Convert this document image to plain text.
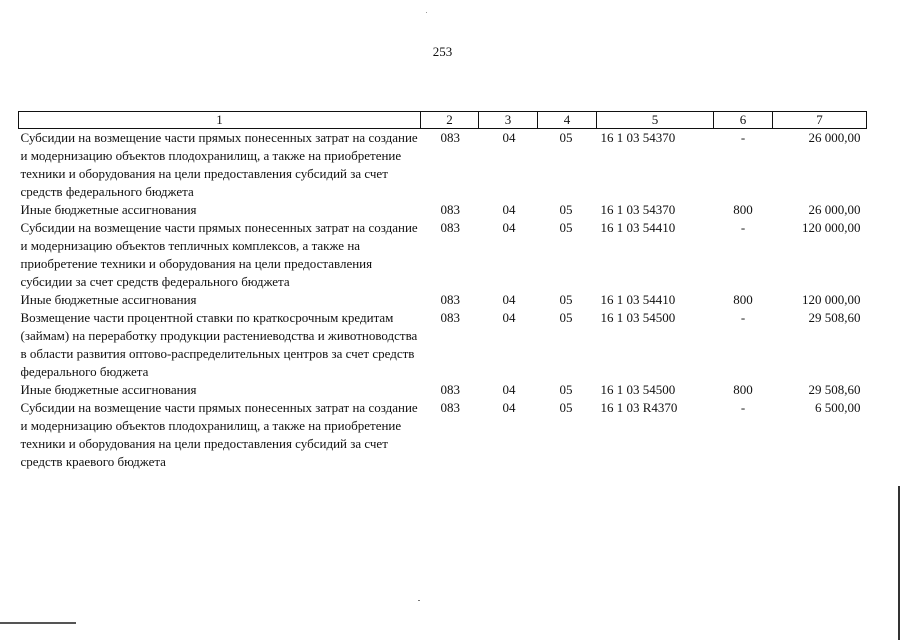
253
1	2	3	4	5	6	7
Субсидии на возмещение части прямых понесенных затрат на создание и модернизацию объектов плодохранилищ, а также на приобретение техники и оборудования на цели предоставления субсидий за счет средств федерального бюджета	083	04	05	16 1 03 54370	-	26 000,00
Иные бюджетные ассигнования	083	04	05	16 1 03 54370	800	26 000,00
Субсидии на возмещение части прямых понесенных затрат на создание и модернизацию объектов тепличных комплексов, а также на приобретение техники и оборудования на цели предоставления субсидии за счет средств федерального бюджета	083	04	05	16 1 03 54410	-	120 000,00
Иные бюджетные ассигнования	083	04	05	16 1 03 54410	800	120 000,00
Возмещение части процентной ставки по краткосрочным кредитам (займам) на переработку продукции растениеводства и животноводства в области развития оптово-распределительных центров за счет средств федерального бюджета	083	04	05	16 1 03 54500	-	29 508,60
Иные бюджетные ассигнования	083	04	05	16 1 03 54500	800	29 508,60
Субсидии на возмещение части прямых понесенных затрат на создание и модернизацию объектов плодохранилищ, а также на приобретение техники и оборудования на цели предоставления субсидий за счет средств краевого бюджета	083	04	05	16 1 03 R4370	-	6 500,00
